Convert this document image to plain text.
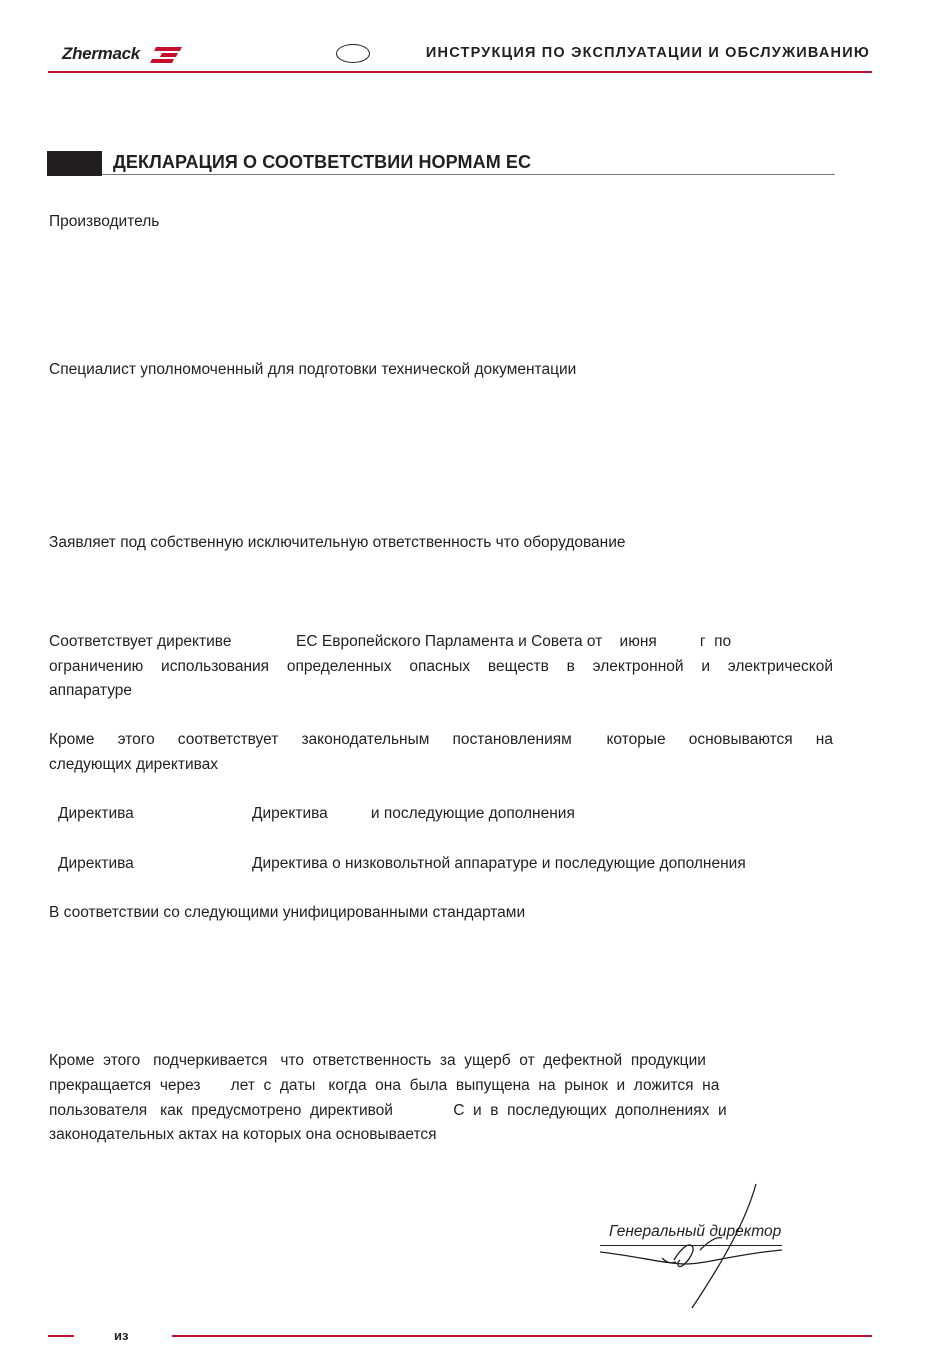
Zhermack	ИНСТРУКЦИЯ ПО ЭКСПЛУАТАЦИИ И ОБСЛУЖИВАНИЮ
ДЕКЛАРАЦИЯ О СООТВЕТСТВИИ НОРМАМ ЕС
Производитель
Специалист уполномоченный для подготовки технической документации
Заявляет под собственную исключительную ответственность что оборудование
Соответствует директиве               ЕС Европейского Парламента и Совета от    июня          г  по
ограничению использования определенных опасных веществ в электронной и электрической
аппаратуре
Кроме  этого  соответствует  законодательным  постановлениям   которые  основываются  на
следующих директивах
Директива	Директива          и последующие дополнения
Директива	Директива о низковольтной аппаратуре и последующие дополнения
В соответствии со следующими унифицированными стандартами
Кроме  этого   подчеркивается   что  ответственность  за  ущерб  от  дефектной  продукции
прекращается  через       лет  с  даты   когда  она  была  выпущена  на  рынок  и  ложится  на
пользователя   как  предусмотрено  директивой              С  и  в  последующих  дополнениях  и
законодательных актах на которых она основывается
Генеральный директор
из
